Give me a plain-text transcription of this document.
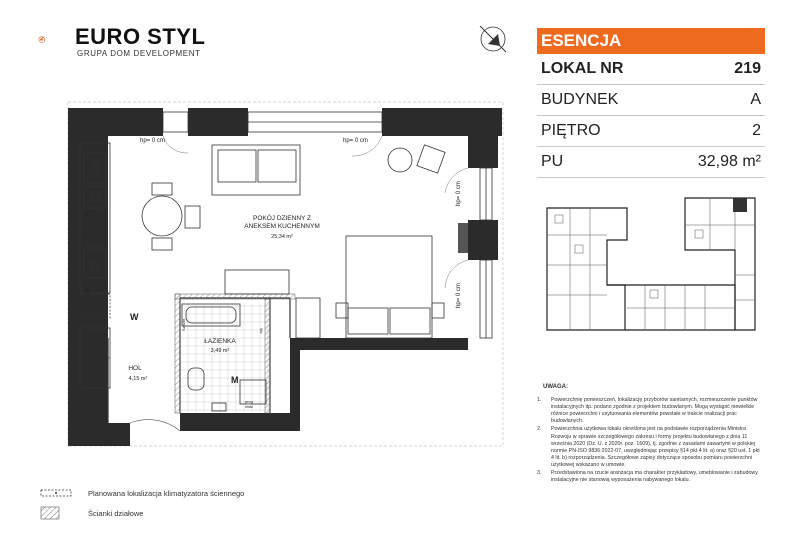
EURO STYL
GRUPA DOM DEVELOPMENT
ESENCJA
LOKAL NR	219
BUDYNEK	A
PIĘTRO	2
PU	32,98 m²
UWAGA:
1.	Powierzchnię pomieszczeń, lokalizację przyborów sanitarnych, rozmieszczenie punktów instalacyjnych itp. podano zgodnie z projektem budowlanym. Mogą wystąpić niewielkie różnice powierzchni i usytuowania elementów powstałe w trakcie realizacji prac budowlanych.
2.	Powierzchnia użytkowa lokalu określona jest na podstawie rozporządzenia Ministra Rozwoju w sprawie szczegółowego zakresu i formy projektu budowlanego z dnia 11 września 2020 (Dz. U. z 2020r. poz. 1609), tj. zgodnie z zasadami zawartymi w polskiej normie PN-ISO 9836:2022-07, uwzględniając przepisy §14 pkt 4 lit. a) oraz §20 ust. 1 pkt 4 lit. b) rozporządzenia. Szczegółowe zapisy dotyczące sposobu pomiaru powierzchni użytkowej wskazano w umowie.
3.	Przedstawiona na rzucie aranżacja ma charakter przykładowy, umeblowanie i zabudowy instalacyjne nie stanowią wyposażenia nabywanego lokalu.
Planowana lokalizacja klimatyzatora ściennego
Ścianki działowe
Z
L
O
W
Szacht	Wc
M
prog
niski
hp= 0 cm	hp= 0 cm
hp= 0 cm
hp= 0 cm
POKÓJ DZIENNY Z
ANEKSEM KUCHENNYM
25,34 m²
ŁAZIENKA
3,49 m²
HOL
4,15 m²
